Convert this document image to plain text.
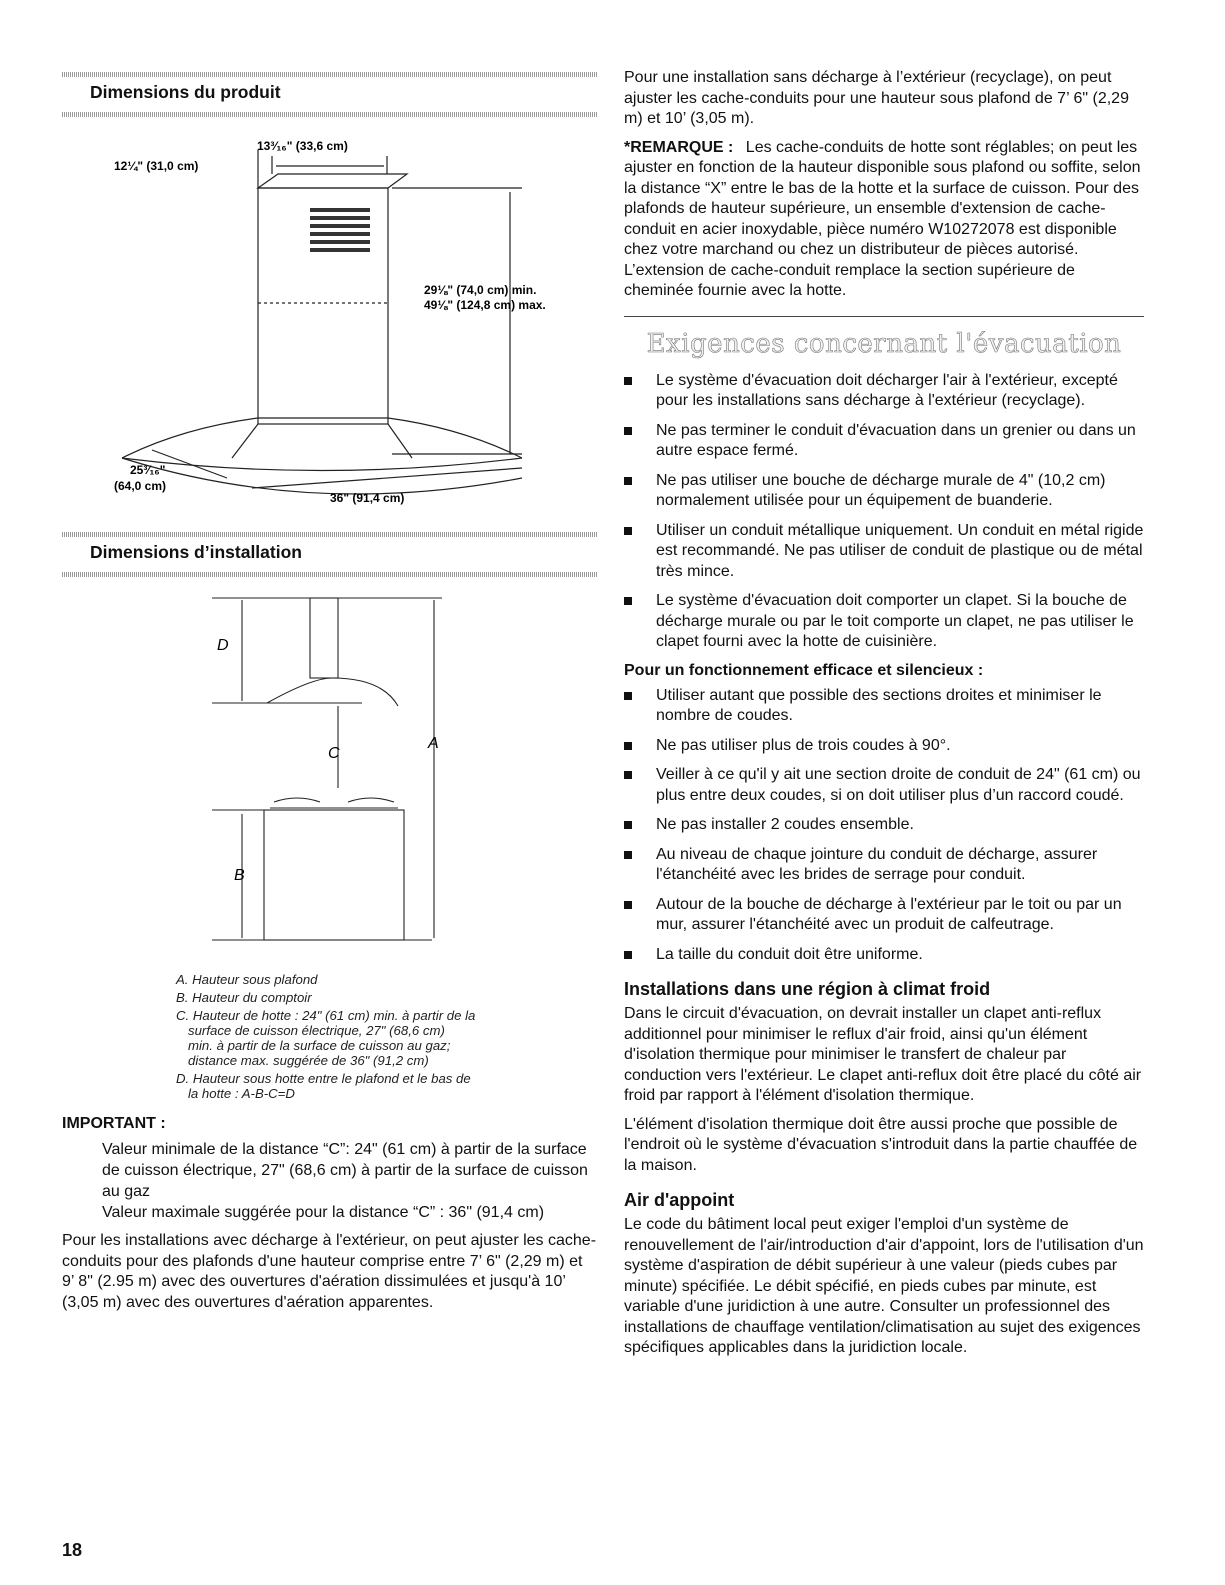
Dimensions du produit
13³⁄₁₆" (33,6 cm)
12¼" (31,0 cm)
29⅛" (74,0 cm) min.
49⅛" (124,8 cm) max.
25³⁄₁₆"
(64,0 cm)
36" (91,4 cm)
Dimensions d’installation
D
C
A
B

A. Hauteur sous plafond

B. Hauteur du comptoir

C. Hauteur de hotte : 24" (61 cm) min. à partir de la
surface de cuisson électrique, 27" (68,6 cm)
min. à partir de la surface de cuisson au gaz;
distance max. suggérée de 36" (91,2 cm)

D. Hauteur sous hotte entre le plafond et le bas de
la hotte : A-B-C=D

IMPORTANT :

Valeur minimale de la distance “C”: 24" (61 cm) à partir de la surface de cuisson électrique, 27" (68,6 cm) à partir de la surface de cuisson au gaz

Valeur maximale suggérée pour la distance “C” : 36" (91,4 cm)

Pour les installations avec décharge à l'extérieur, on peut ajuster les cache-conduits pour des plafonds d'une hauteur comprise entre 7’ 6" (2,29 m) et 9’ 8" (2.95 m) avec des ouvertures d'aération dissimulées et jusqu'à 10’ (3,05 m) avec des ouvertures d'aération apparentes.

Pour une installation sans décharge à l’extérieur (recyclage), on peut ajuster les cache-conduits pour une hauteur sous plafond de 7’ 6" (2,29 m) et 10’ (3,05 m).

*REMARQUE : Les cache-conduits de hotte sont réglables; on peut les ajuster en fonction de la hauteur disponible sous plafond ou soffite, selon la distance “X” entre le bas de la hotte et la surface de cuisson. Pour des plafonds de hauteur supérieure, un ensemble d'extension de cache-conduit en acier inoxydable, pièce numéro W10272078 est disponible chez votre marchand ou chez un distributeur de pièces autorisé. L’extension de cache-conduit remplace la section supérieure de cheminée fournie avec la hotte.

Exigences concernant l'évacuation
Le système d'évacuation doit décharger l'air à l'extérieur, excepté pour les installations sans décharge à l'extérieur (recyclage).
Ne pas terminer le conduit d'évacuation dans un grenier ou dans un autre espace fermé.
Ne pas utiliser une bouche de décharge murale de 4" (10,2 cm) normalement utilisée pour un équipement de buanderie.
Utiliser un conduit métallique uniquement. Un conduit en métal rigide est recommandé. Ne pas utiliser de conduit de plastique ou de métal très mince.
Le système d'évacuation doit comporter un clapet. Si la bouche de décharge murale ou par le toit comporte un clapet, ne pas utiliser le clapet fourni avec la hotte de cuisinière.
Pour un fonctionnement efficace et silencieux :
Utiliser autant que possible des sections droites et minimiser le nombre de coudes.
Ne pas utiliser plus de trois coudes à 90°.
Veiller à ce qu'il y ait une section droite de conduit de 24" (61 cm) ou plus entre deux coudes, si on doit utiliser plus d’un raccord coudé.
Ne pas installer 2 coudes ensemble.
Au niveau de chaque jointure du conduit de décharge, assurer l'étanchéité avec les brides de serrage pour conduit.
Autour de la bouche de décharge à l'extérieur par le toit ou par un mur, assurer l'étanchéité avec un produit de calfeutrage.
La taille du conduit doit être uniforme.
Installations dans une région à climat froid

Dans le circuit d'évacuation, on devrait installer un clapet anti-reflux additionnel pour minimiser le reflux d'air froid, ainsi qu'un élément d'isolation thermique pour minimiser le transfert de chaleur par conduction vers l'extérieur. Le clapet anti-reflux doit être placé du côté air froid par rapport à l'élément d'isolation thermique.

L'élément d'isolation thermique doit être aussi proche que possible de l'endroit où le système d'évacuation s'introduit dans la partie chauffée de la maison.

Air d'appoint

Le code du bâtiment local peut exiger l'emploi d'un système de renouvellement de l'air/introduction d'air d'appoint, lors de l'utilisation d'un système d'aspiration de débit supérieur à une valeur (pieds cubes par minute) spécifiée. Le débit spécifié, en pieds cubes par minute, est variable d'une juridiction à une autre. Consulter un professionnel des installations de chauffage ventilation/climatisation au sujet des exigences spécifiques applicables dans la juridiction locale.

18
